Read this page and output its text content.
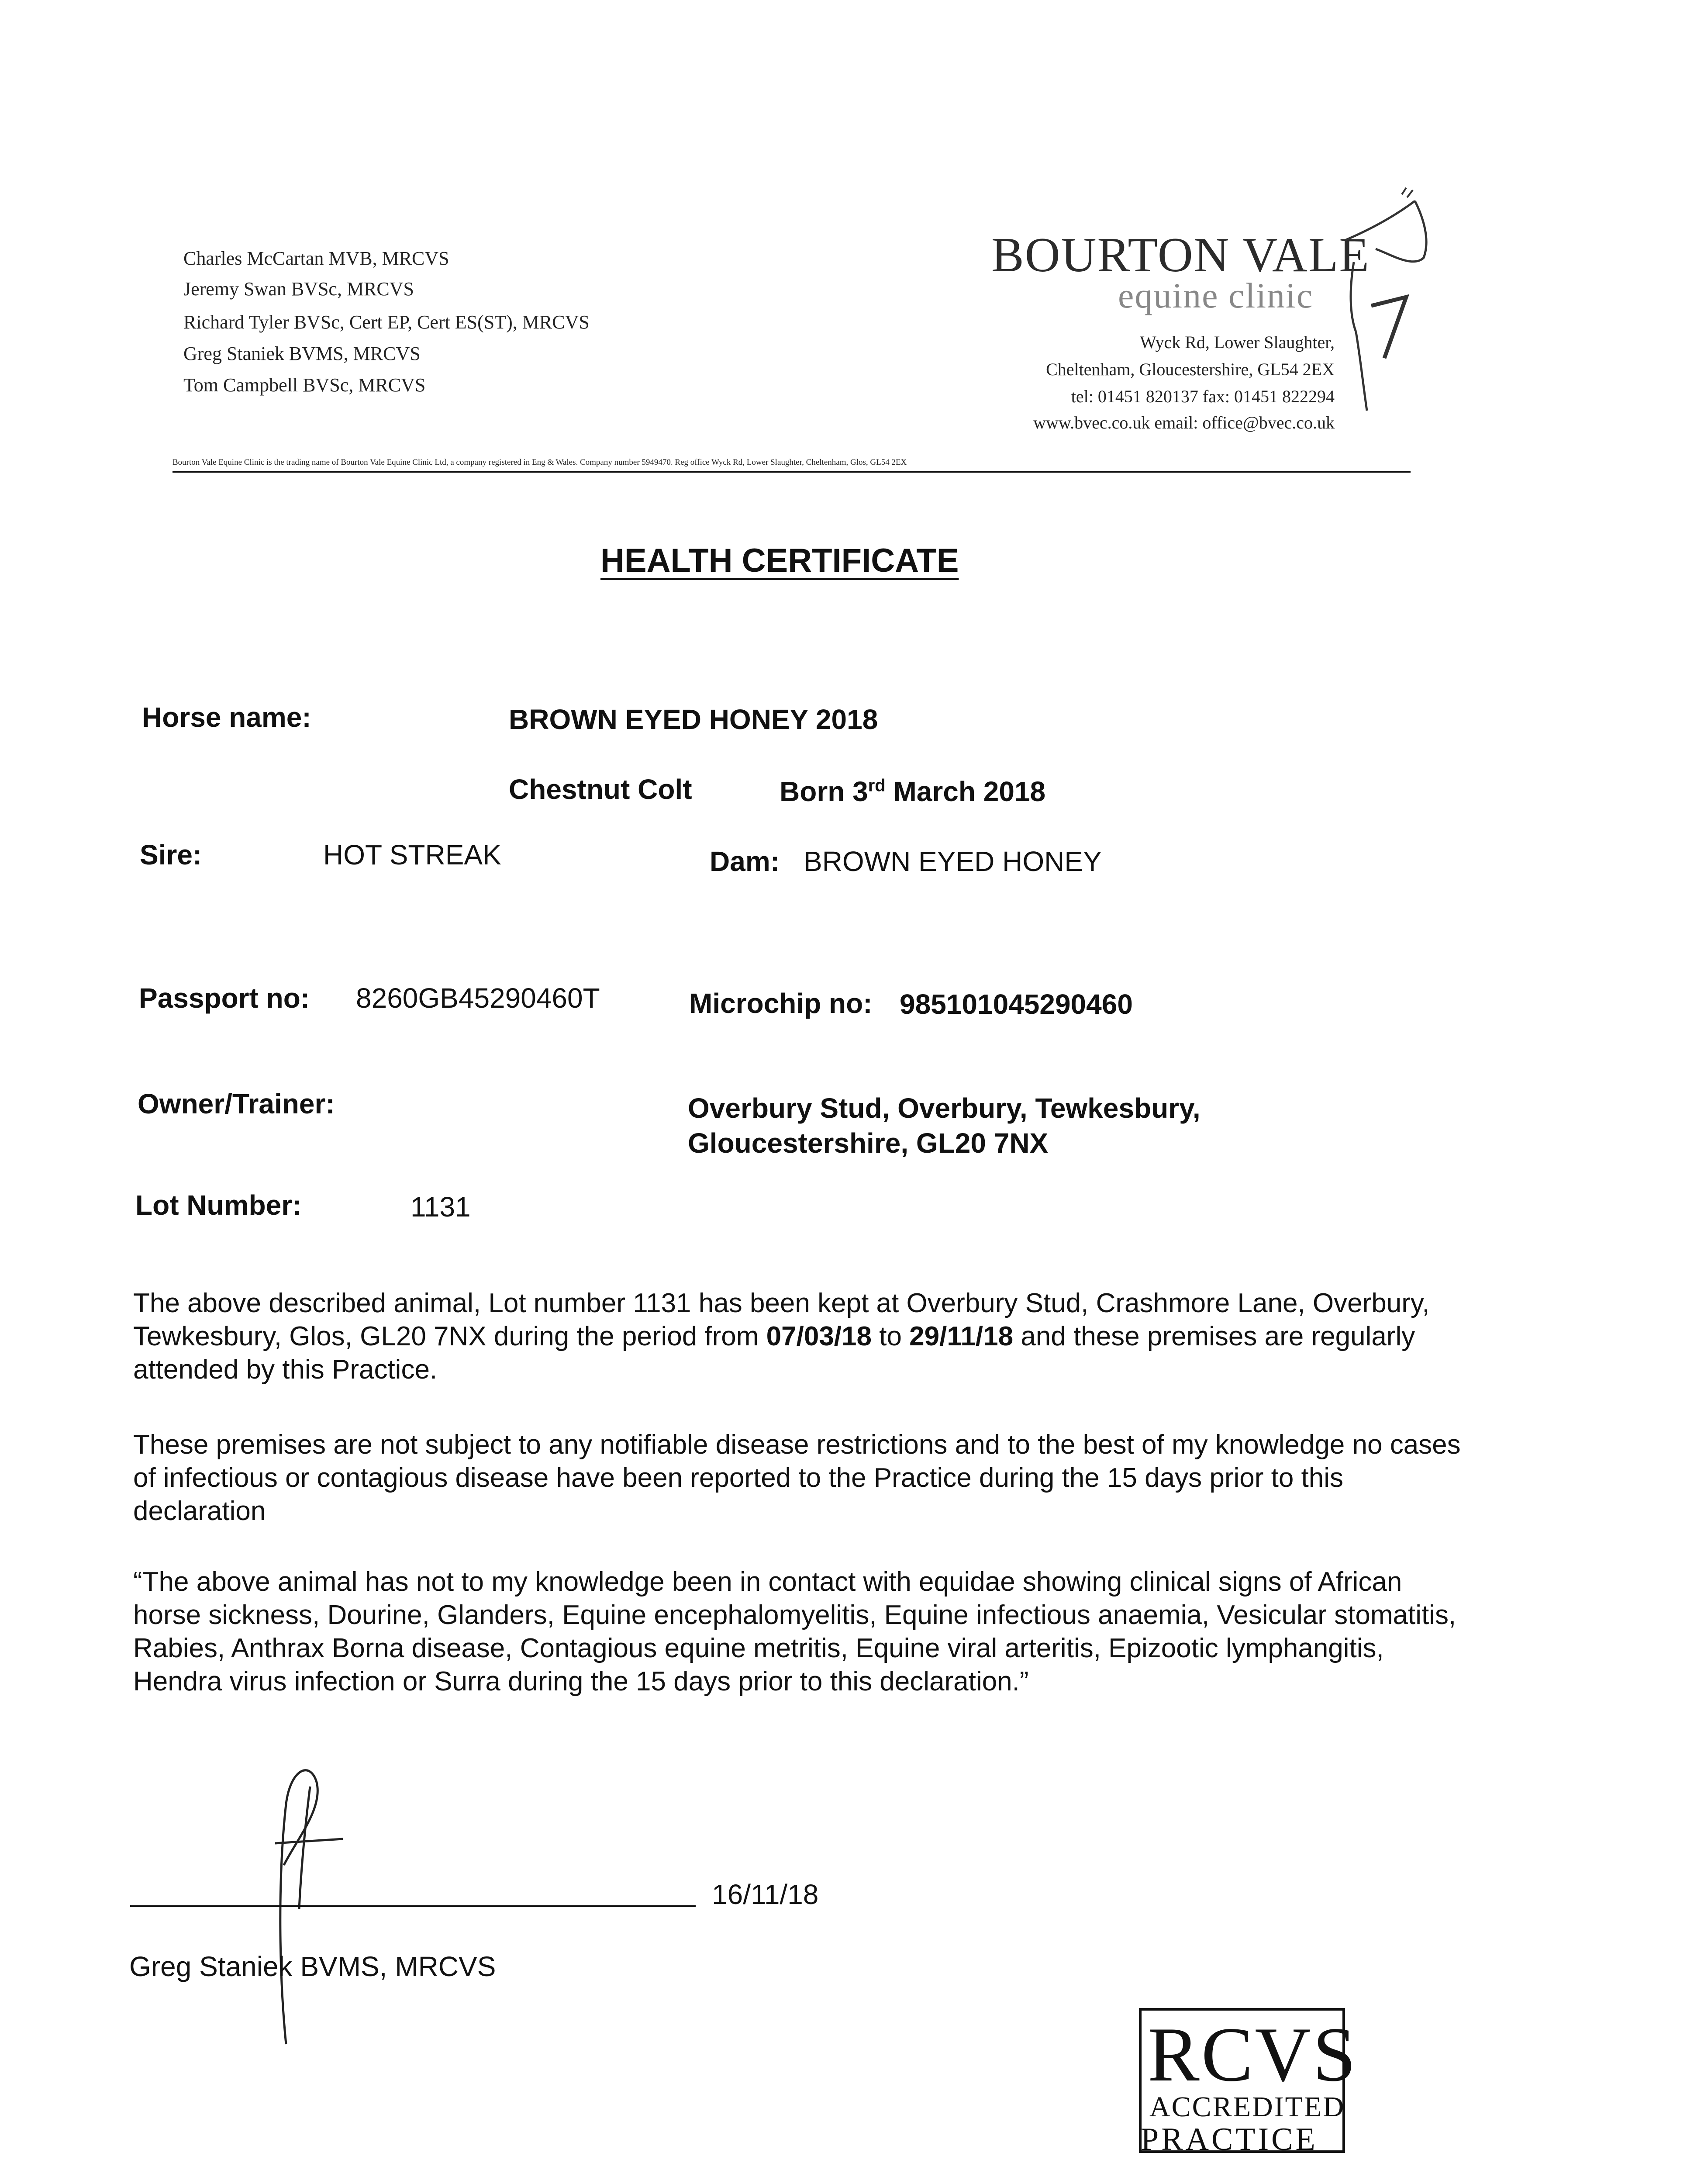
Charles McCartan MVB, MRCVS

Jeremy Swan BVSc, MRCVS

Richard Tyler BVSc, Cert EP, Cert ES(ST), MRCVS

Greg Staniek BVMS, MRCVS

Tom Campbell BVSc, MRCVS

BOURTON VALE

equine clinic

Wyck Rd, Lower Slaughter,

Cheltenham, Gloucestershire, GL54 2EX

tel: 01451 820137 fax: 01451 822294

www.bvec.co.uk email: office@bvec.co.uk

Bourton Vale Equine Clinic is the trading name of Bourton Vale Equine Clinic Ltd, a company registered in Eng & Wales. Company number 5949470. Reg office Wyck Rd, Lower Slaughter, Cheltenham, Glos, GL54 2EX

HEALTH CERTIFICATE

Horse name:	BROWN EYED HONEY 2018

Chestnut Colt	Born 3rd March 2018

Sire:	HOT STREAK	Dam: BROWN EYED HONEY

Passport no: 8260GB45290460T	Microchip no: 985101045290460

Owner/Trainer:	Overbury Stud, Overbury, Tewkesbury,

Gloucestershire, GL20 7NX

Lot Number:	1131

The above described animal, Lot number 1131 has been kept at Overbury Stud, Crashmore Lane, Overbury, Tewkesbury, Glos, GL20 7NX during the period from 07/03/18 to 29/11/18 and these premises are regularly attended by this Practice.

These premises are not subject to any notifiable disease restrictions and to the best of my knowledge no cases of infectious or contagious disease have been reported to the Practice during the 15 days prior to this declaration

“The above animal has not to my knowledge been in contact with equidae showing clinical signs of African horse sickness, Dourine, Glanders, Equine encephalomyelitis, Equine infectious anaemia, Vesicular stomatitis, Rabies, Anthrax Borna disease, Contagious equine metritis, Equine viral arteritis, Epizootic lymphangitis, Hendra virus infection or Surra during the 15 days prior to this declaration.”

16/11/18

Greg Staniek BVMS, MRCVS

RCVS

ACCREDITED

PRACTICE
